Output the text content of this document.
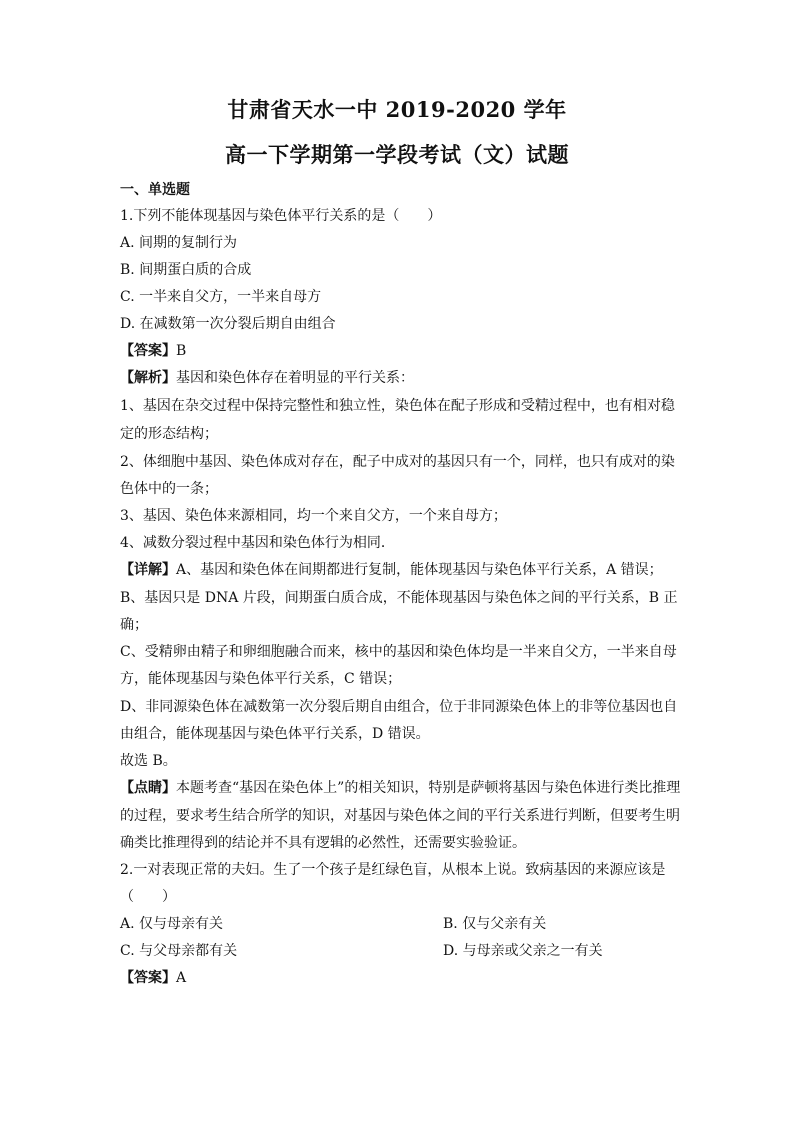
甘肃省天水一中 2019-2020 学年
高一下学期第一学段考试（文）试题
一、单选题
1.下列不能体现基因与染色体平行关系的是（　　）
A. 间期的复制行为
B. 间期蛋白质的合成
C. 一半来自父方，一半来自母方
D. 在减数第一次分裂后期自由组合
【答案】B
【解析】基因和染色体存在着明显的平行关系：
1、基因在杂交过程中保持完整性和独立性，染色体在配子形成和受精过程中，也有相对稳
定的形态结构；
2、体细胞中基因、染色体成对存在，配子中成对的基因只有一个，同样，也只有成对的染
色体中的一条；
3、基因、染色体来源相同，均一个来自父方，一个来自母方；
4、减数分裂过程中基因和染色体行为相同．
【详解】A、基因和染色体在间期都进行复制，能体现基因与染色体平行关系，A 错误；
B、基因只是 DNA 片段，间期蛋白质合成，不能体现基因与染色体之间的平行关系，B 正
确；
C、受精卵由精子和卵细胞融合而来，核中的基因和染色体均是一半来自父方，一半来自母
方，能体现基因与染色体平行关系，C 错误；
D、非同源染色体在减数第一次分裂后期自由组合，位于非同源染色体上的非等位基因也自
由组合，能体现基因与染色体平行关系，D 错误。
故选 B。
【点睛】本题考查“基因在染色体上”的相关知识，特别是萨顿将基因与染色体进行类比推理
的过程，要求考生结合所学的知识，对基因与染色体之间的平行关系进行判断，但要考生明
确类比推理得到的结论并不具有逻辑的必然性，还需要实验验证。
2.一对表现正常的夫妇。生了一个孩子是红绿色盲，从根本上说。致病基因的来源应该是
（　　）
A. 仅与母亲有关	B. 仅与父亲有关
C. 与父母亲都有关	D. 与母亲或父亲之一有关
【答案】A
